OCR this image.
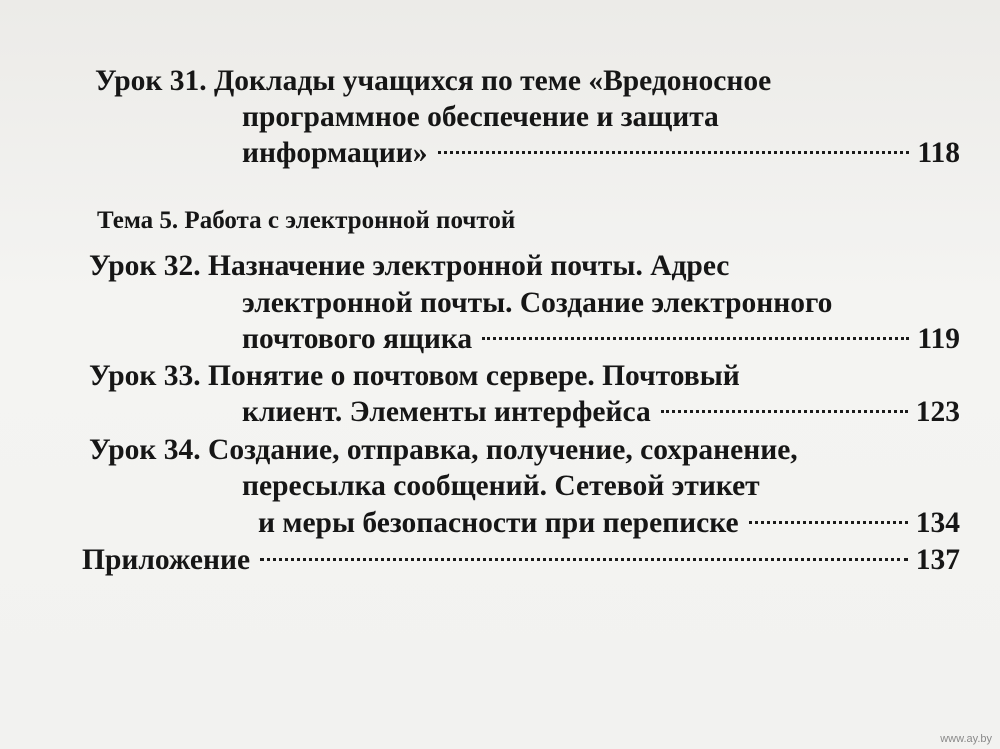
Урок 31. Доклады учащихся по теме «Вредоносное
программное обеспечение и защита
информации»	118
Тема 5. Работа с электронной почтой
Урок 32. Назначение электронной почты. Адрес
электронной почты. Создание электронного
почтового ящика	119
Урок 33. Понятие о почтовом сервере. Почтовый
клиент. Элементы интерфейса	123
Урок 34. Создание, отправка, получение, сохранение,
пересылка сообщений. Сетевой этикет
и меры безопасности при переписке	134
Приложение	137
www.ay.by
